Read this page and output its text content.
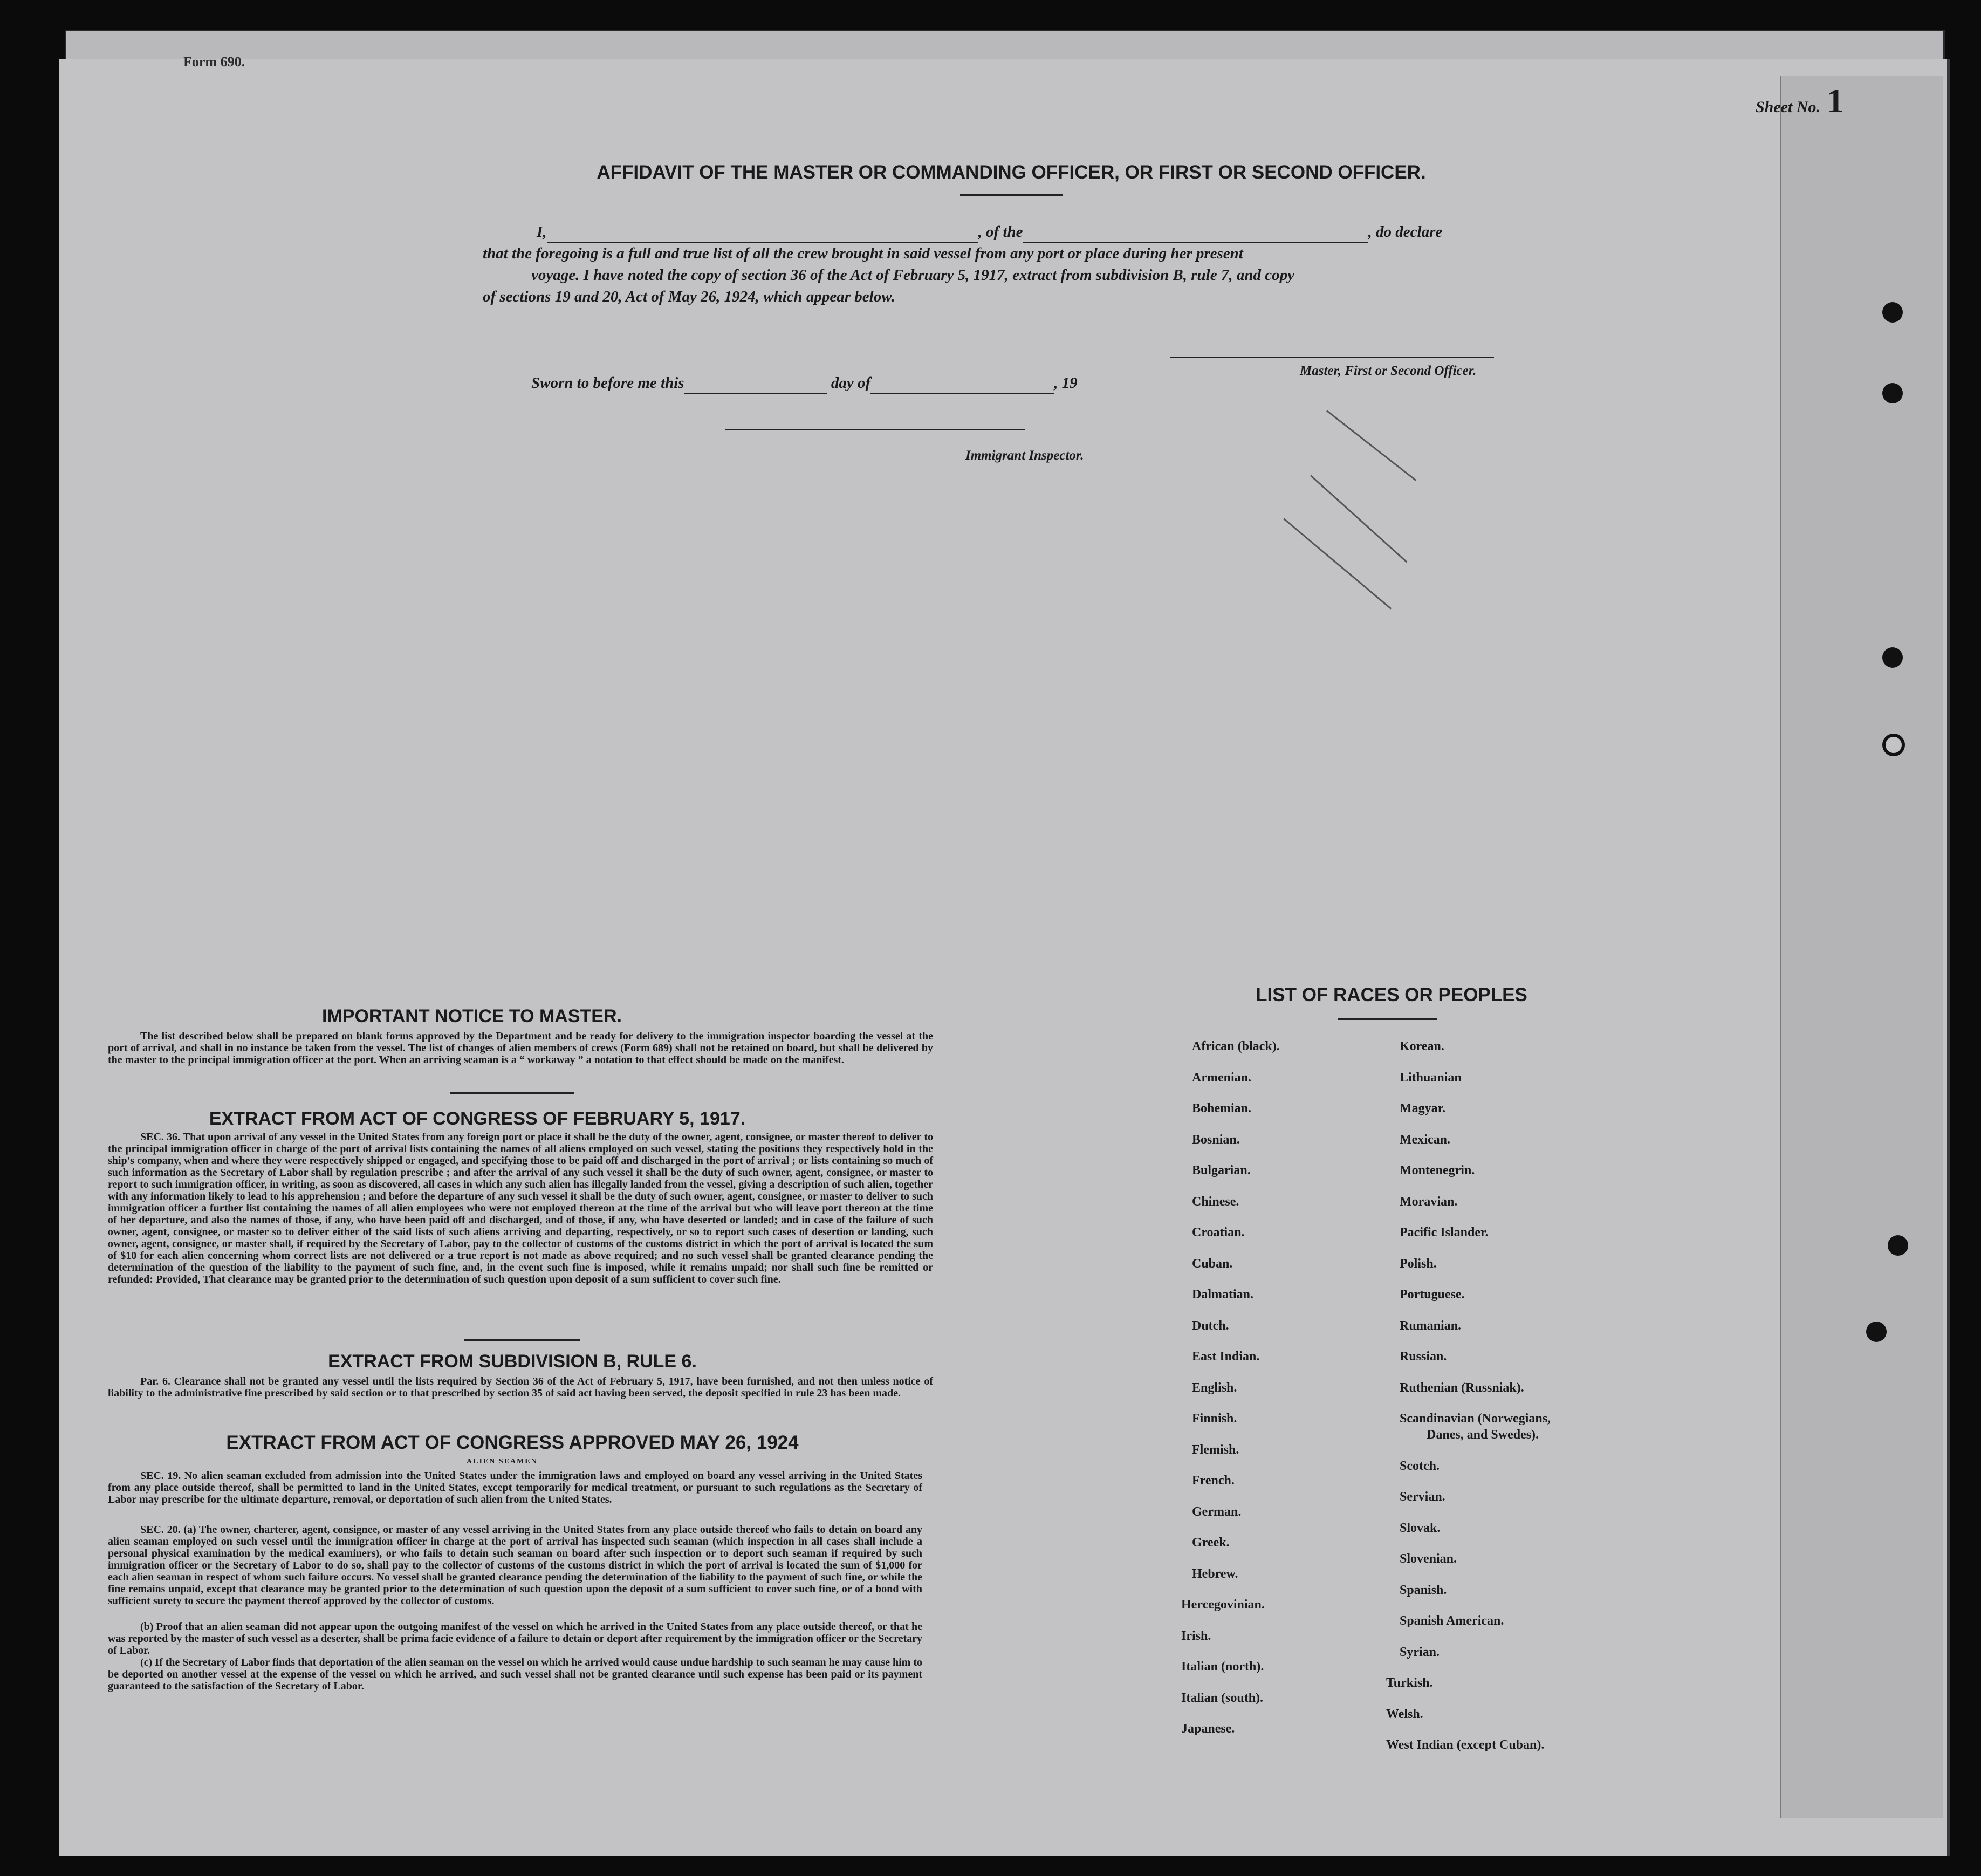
Form 690.
Sheet No. 1
AFFIDAVIT OF THE MASTER OR COMMANDING OFFICER, OR FIRST OR SECOND OFFICER.
I,	, of the	, do declare
that the foregoing is a full and true list of all the crew brought in said vessel from any port or place during her present
voyage. I have noted the copy of section 36 of the Act of February 5, 1917, extract from subdivision B, rule 7, and copy
of sections 19 and 20, Act of May 26, 1924, which appear below.
Master, First or Second Officer.
Sworn to before me this	day of	, 19
Immigrant Inspector.
IMPORTANT NOTICE TO MASTER.
The list described below shall be prepared on blank forms approved by the Department and be ready for delivery to the immigration inspector boarding the vessel at the port of arrival, and shall in no instance be taken from the vessel. The list of changes of alien members of crews (Form 689) shall not be retained on board, but shall be delivered by the master to the principal immigration officer at the port. When an arriving seaman is a “ workaway ” a notation to that effect should be made on the manifest.
EXTRACT FROM ACT OF CONGRESS OF FEBRUARY 5, 1917.
SEC. 36. That upon arrival of any vessel in the United States from any foreign port or place it shall be the duty of the owner, agent, consignee, or master thereof to deliver to the principal immigration officer in charge of the port of arrival lists containing the names of all aliens employed on such vessel, stating the positions they respectively hold in the ship's company, when and where they were respectively shipped or engaged, and specifying those to be paid off and discharged in the port of arrival ; or lists containing so much of such information as the Secretary of Labor shall by regulation prescribe ; and after the arrival of any such vessel it shall be the duty of such owner, agent, consignee, or master to report to such immigration officer, in writing, as soon as discovered, all cases in which any such alien has illegally landed from the vessel, giving a description of such alien, together with any information likely to lead to his apprehension ; and before the departure of any such vessel it shall be the duty of such owner, agent, consignee, or master to deliver to such immigration officer a further list containing the names of all alien employees who were not employed thereon at the time of the arrival but who will leave port thereon at the time of her departure, and also the names of those, if any, who have been paid off and discharged, and of those, if any, who have deserted or landed; and in case of the failure of such owner, agent, consignee, or master so to deliver either of the said lists of such aliens arriving and departing, respectively, or so to report such cases of desertion or landing, such owner, agent, consignee, or master shall, if required by the Secretary of Labor, pay to the collector of customs of the customs district in which the port of arrival is located the sum of $10 for each alien concerning whom correct lists are not delivered or a true report is not made as above required; and no such vessel shall be granted clearance pending the determination of the question of the liability to the payment of such fine, and, in the event such fine is imposed, while it remains unpaid; nor shall such fine be remitted or refunded: Provided, That clearance may be granted prior to the determination of such question upon deposit of a sum sufficient to cover such fine.
EXTRACT FROM SUBDIVISION B, RULE 6.
Par. 6. Clearance shall not be granted any vessel until the lists required by Section 36 of the Act of February 5, 1917, have been furnished, and not then unless notice of liability to the administrative fine prescribed by said section or to that prescribed by section 35 of said act having been served, the deposit specified in rule 23 has been made.
EXTRACT FROM ACT OF CONGRESS APPROVED MAY 26, 1924
ALIEN SEAMEN
SEC. 19. No alien seaman excluded from admission into the United States under the immigration laws and employed on board any vessel arriving in the United States from any place outside thereof, shall be permitted to land in the United States, except temporarily for medical treatment, or pursuant to such regulations as the Secretary of Labor may prescribe for the ultimate departure, removal, or deportation of such alien from the United States.
SEC. 20. (a) The owner, charterer, agent, consignee, or master of any vessel arriving in the United States from any place outside thereof who fails to detain on board any alien seaman employed on such vessel until the immigration officer in charge at the port of arrival has inspected such seaman (which inspection in all cases shall include a personal physical examination by the medical examiners), or who fails to detain such seaman on board after such inspection or to deport such seaman if required by such immigration officer or the Secretary of Labor to do so, shall pay to the collector of customs of the customs district in which the port of arrival is located the sum of $1,000 for each alien seaman in respect of whom such failure occurs. No vessel shall be granted clearance pending the determination of the liability to the payment of such fine, or while the fine remains unpaid, except that clearance may be granted prior to the determination of such question upon the deposit of a sum sufficient to cover such fine, or of a bond with sufficient surety to secure the payment thereof approved by the collector of customs.
(b) Proof that an alien seaman did not appear upon the outgoing manifest of the vessel on which he arrived in the United States from any place outside thereof, or that he was reported by the master of such vessel as a deserter, shall be prima facie evidence of a failure to detain or deport after requirement by the immigration officer or the Secretary of Labor.
(c) If the Secretary of Labor finds that deportation of the alien seaman on the vessel on which he arrived would cause undue hardship to such seaman he may cause him to be deported on another vessel at the expense of the vessel on which he arrived, and such vessel shall not be granted clearance until such expense has been paid or its payment guaranteed to the satisfaction of the Secretary of Labor.
LIST OF RACES OR PEOPLES
African (black).
Armenian.
Bohemian.
Bosnian.
Bulgarian.
Chinese.
Croatian.
Cuban.
Dalmatian.
Dutch.
East Indian.
English.
Finnish.
Flemish.
French.
German.
Greek.
Hebrew.
Hercegovinian.
Irish.
Italian (north).
Italian (south).
Japanese.
Korean.
Lithuanian
Magyar.
Mexican.
Montenegrin.
Moravian.
Pacific Islander.
Polish.
Portuguese.
Rumanian.
Russian.
Ruthenian (Russniak).
Scandinavian (Norwegians,
Danes, and Swedes).
Scotch.
Servian.
Slovak.
Slovenian.
Spanish.
Spanish American.
Syrian.
Turkish.
Welsh.
West Indian (except Cuban).
